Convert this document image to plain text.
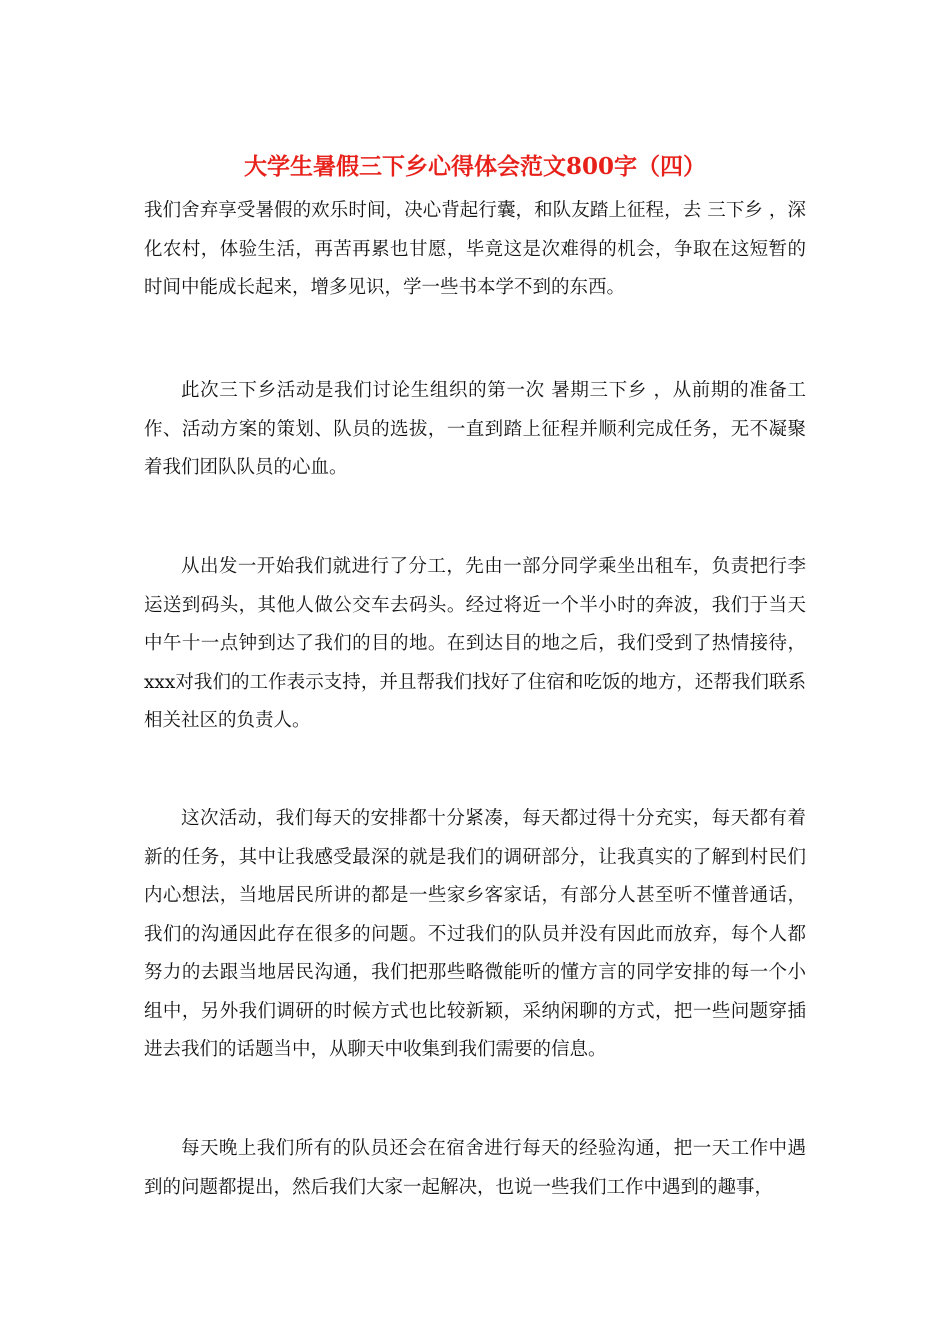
大学生暑假三下乡心得体会范文800字（四）

我们舍弃享受暑假的欢乐时间，决心背起行囊，和队友踏上征程，去 三下乡 ，深化农村，体验生活，再苦再累也甘愿，毕竟这是次难得的机会，争取在这短暂的时间中能成长起来，增多见识，学一些书本学不到的东西。

此次三下乡活动是我们讨论生组织的第一次 暑期三下乡 ，从前期的准备工作、活动方案的策划、队员的选拔，一直到踏上征程并顺利完成任务，无不凝聚着我们团队队员的心血。

从出发一开始我们就进行了分工，先由一部分同学乘坐出租车，负责把行李运送到码头，其他人做公交车去码头。经过将近一个半小时的奔波，我们于当天中午十一点钟到达了我们的目的地。在到达目的地之后，我们受到了热情接待，xxx对我们的工作表示支持，并且帮我们找好了住宿和吃饭的地方，还帮我们联系相关社区的负责人。

这次活动，我们每天的安排都十分紧凑，每天都过得十分充实，每天都有着新的任务，其中让我感受最深的就是我们的调研部分，让我真实的了解到村民们内心想法，当地居民所讲的都是一些家乡客家话，有部分人甚至听不懂普通话，我们的沟通因此存在很多的问题。不过我们的队员并没有因此而放弃，每个人都努力的去跟当地居民沟通，我们把那些略微能听的懂方言的同学安排的每一个小组中，另外我们调研的时候方式也比较新颖，采纳闲聊的方式，把一些问题穿插进去我们的话题当中，从聊天中收集到我们需要的信息。

每天晚上我们所有的队员还会在宿舍进行每天的经验沟通，把一天工作中遇到的问题都提出，然后我们大家一起解决，也说一些我们工作中遇到的趣事，
